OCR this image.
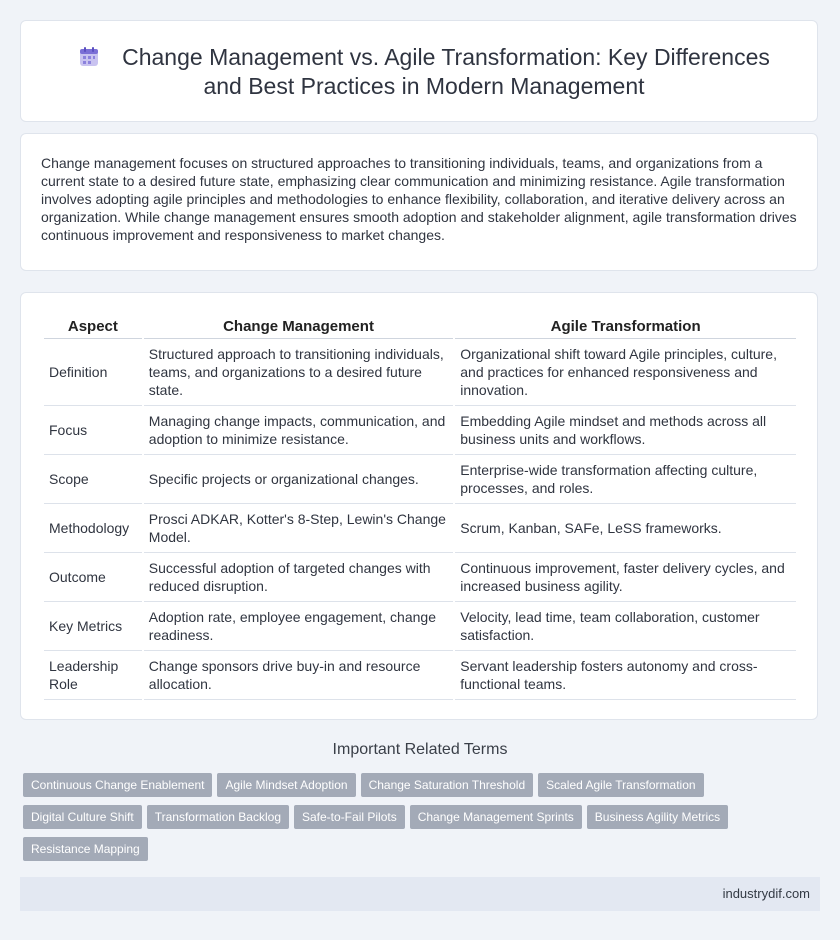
Change Management vs. Agile Transformation: Key Differences and Best Practices in Modern Management
Change management focuses on structured approaches to transitioning individuals, teams, and organizations from a current state to a desired future state, emphasizing clear communication and minimizing resistance. Agile transformation involves adopting agile principles and methodologies to enhance flexibility, collaboration, and iterative delivery across an organization. While change management ensures smooth adoption and stakeholder alignment, agile transformation drives continuous improvement and responsiveness to market changes.
Aspect	Change Management	Agile Transformation
Definition	Structured approach to transitioning individuals, teams, and organizations to a desired future state.	Organizational shift toward Agile principles, culture, and practices for enhanced responsiveness and innovation.
Focus	Managing change impacts, communication, and adoption to minimize resistance.	Embedding Agile mindset and methods across all business units and workflows.
Scope	Specific projects or organizational changes.	Enterprise-wide transformation affecting culture, processes, and roles.
Methodology	Prosci ADKAR, Kotter's 8-Step, Lewin's Change Model.	Scrum, Kanban, SAFe, LeSS frameworks.
Outcome	Successful adoption of targeted changes with reduced disruption.	Continuous improvement, faster delivery cycles, and increased business agility.
Key Metrics	Adoption rate, employee engagement, change readiness.	Velocity, lead time, team collaboration, customer satisfaction.
Leadership Role	Change sponsors drive buy-in and resource allocation.	Servant leadership fosters autonomy and cross-functional teams.
Important Related Terms
Continuous Change Enablement Agile Mindset Adoption Change Saturation Threshold Scaled Agile Transformation
Digital Culture Shift Transformation Backlog Safe-to-Fail Pilots Change Management Sprints Business Agility Metrics
Resistance Mapping
industrydif.com
